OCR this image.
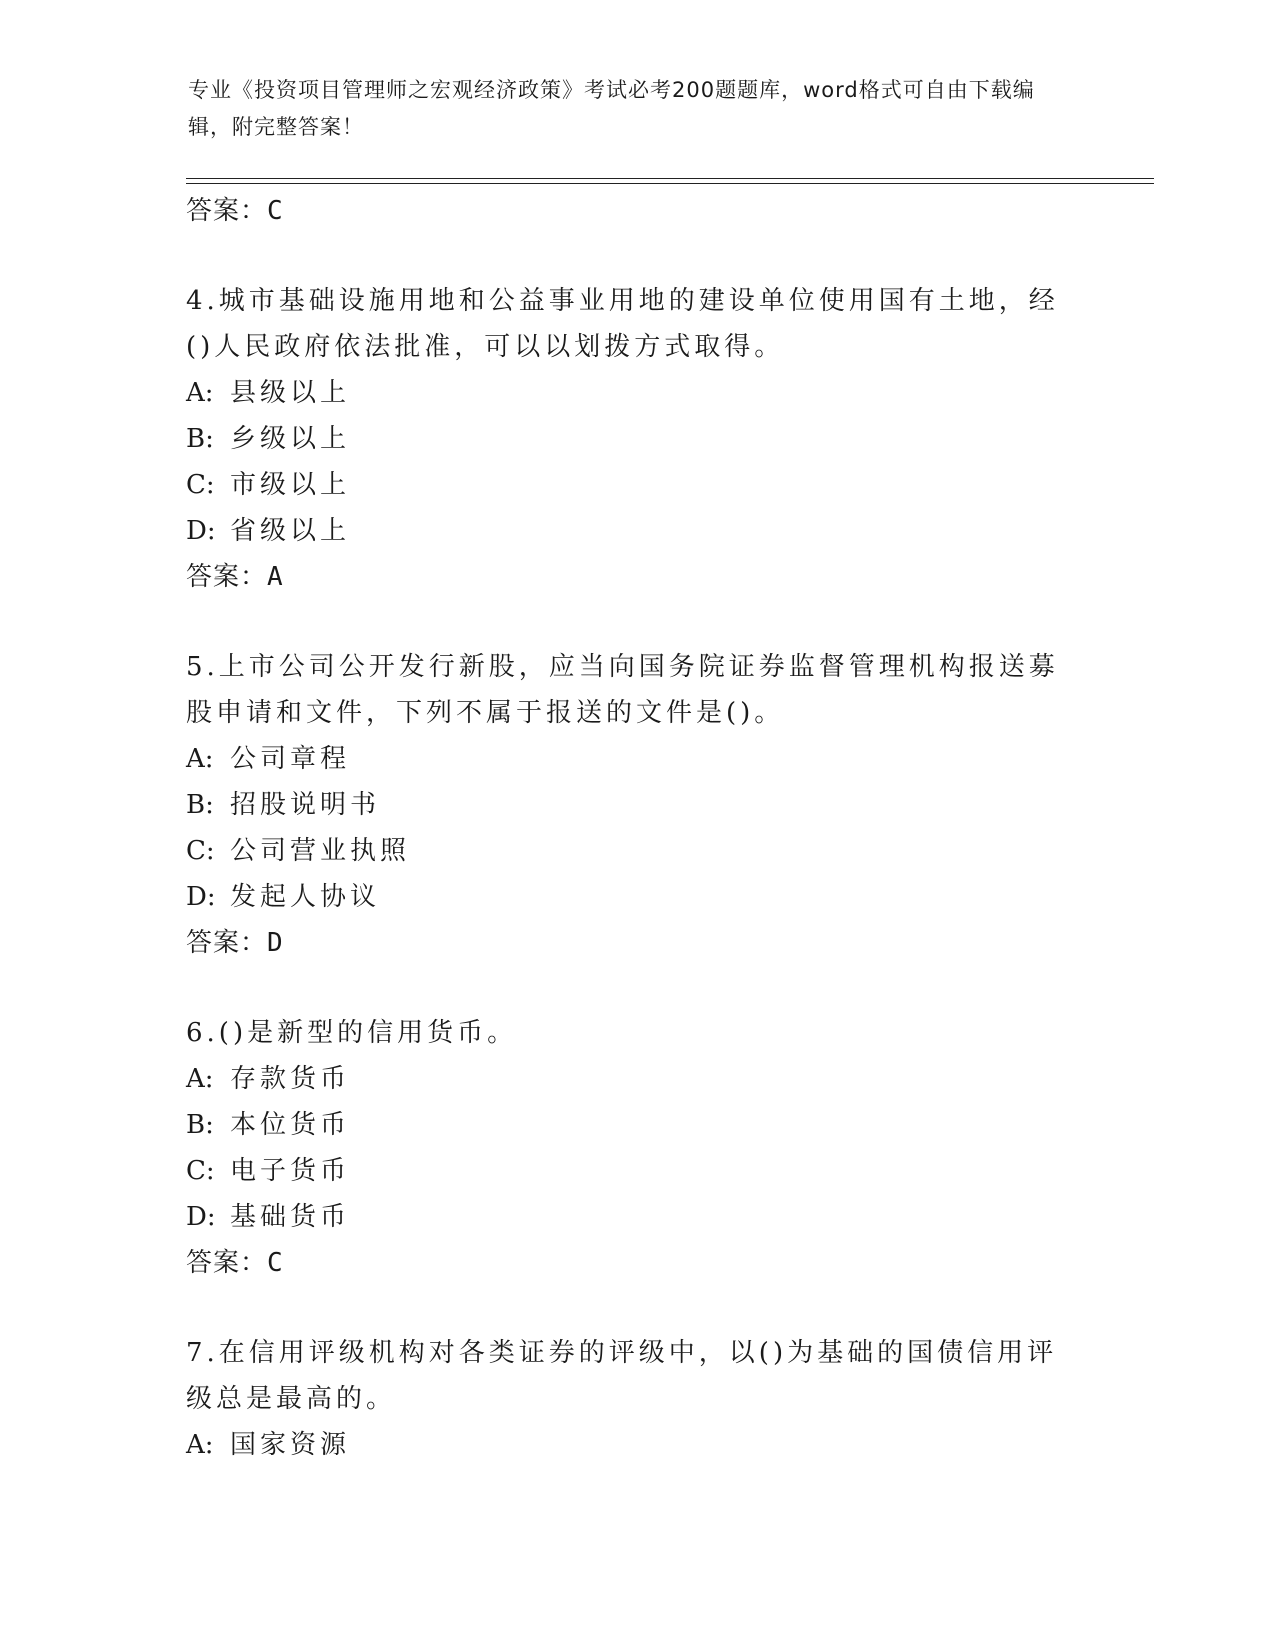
专业《投资项目管理师之宏观经济政策》考试必考200题题库，word格式可自由下载编辑，附完整答案！
答案：C
4.城市基础设施用地和公益事业用地的建设单位使用国有土地，经()人民政府依法批准，可以以划拨方式取得。
A: 县级以上
B: 乡级以上
C: 市级以上
D: 省级以上
答案：A
5.上市公司公开发行新股，应当向国务院证券监督管理机构报送募股申请和文件，下列不属于报送的文件是()。
A: 公司章程
B: 招股说明书
C: 公司营业执照
D: 发起人协议
答案：D
6.()是新型的信用货币。
A: 存款货币
B: 本位货币
C: 电子货币
D: 基础货币
答案：C
7.在信用评级机构对各类证券的评级中，以()为基础的国债信用评级总是最高的。
A: 国家资源
